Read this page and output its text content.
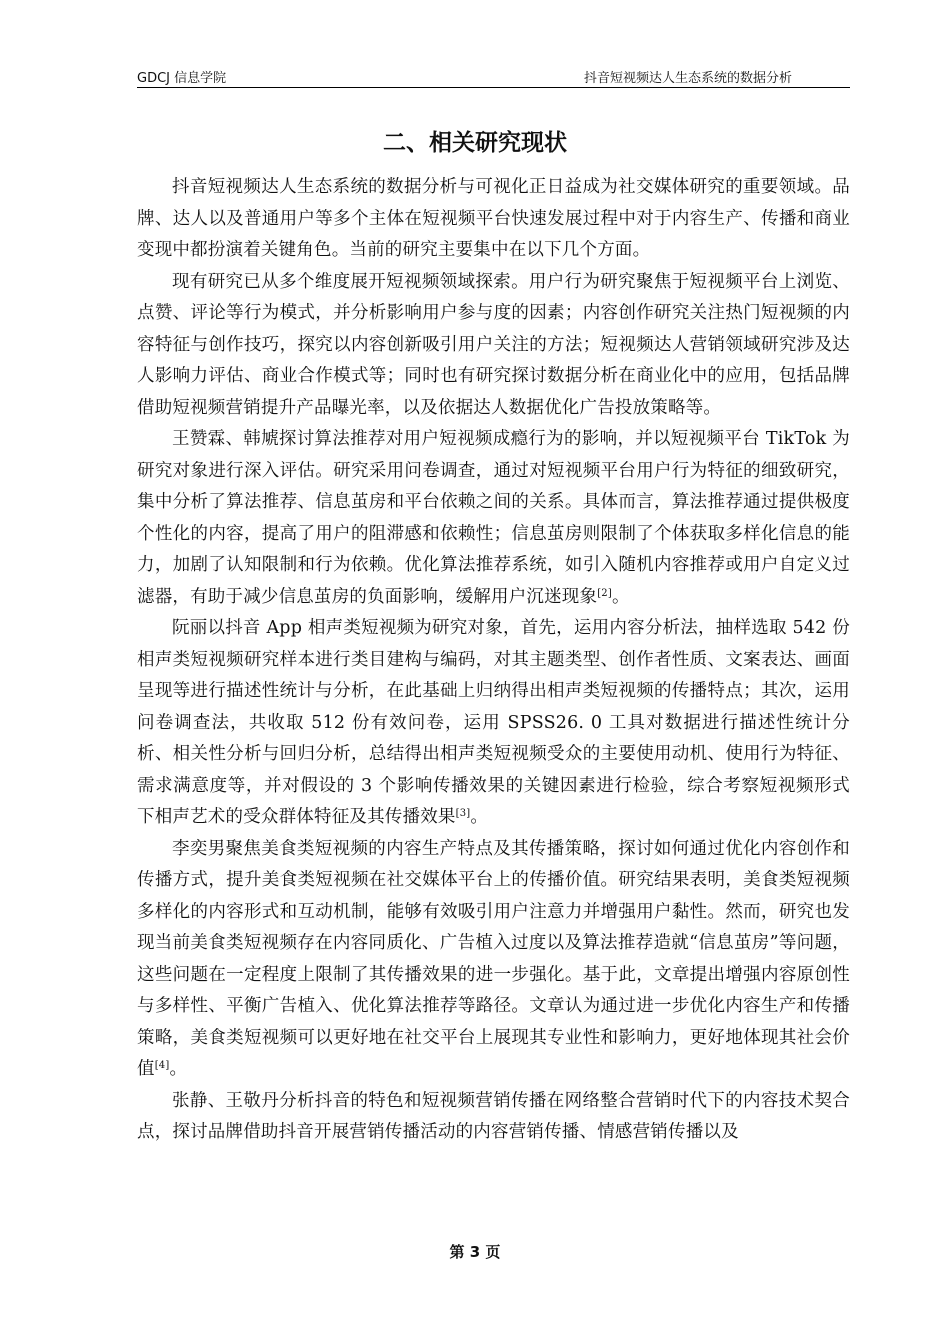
GDCJ 信息学院	抖音短视频达人生态系统的数据分析
二、相关研究现状

抖音短视频达人生态系统的数据分析与可视化正日益成为社交媒体研究的重要领域。品牌、达人以及普通用户等多个主体在短视频平台快速发展过程中对于内容生产、传播和商业变现中都扮演着关键角色。当前的研究主要集中在以下几个方面。

现有研究已从多个维度展开短视频领域探索。用户行为研究聚焦于短视频平台上浏览、点赞、评论等行为模式，并分析影响用户参与度的因素；内容创作研究关注热门短视频的内容特征与创作技巧，探究以内容创新吸引用户关注的方法；短视频达人营销领域研究涉及达人影响力评估、商业合作模式等；同时也有研究探讨数据分析在商业化中的应用，包括品牌借助短视频营销提升产品曝光率，以及依据达人数据优化广告投放策略等。

王赞霖、韩虓探讨算法推荐对用户短视频成瘾行为的影响，并以短视频平台 TikTok 为研究对象进行深入评估。研究采用问卷调查，通过对短视频平台用户行为特征的细致研究，集中分析了算法推荐、信息茧房和平台依赖之间的关系。具体而言，算法推荐通过提供极度个性化的内容，提高了用户的阻滞感和依赖性；信息茧房则限制了个体获取多样化信息的能力，加剧了认知限制和行为依赖。优化算法推荐系统，如引入随机内容推荐或用户自定义过滤器，有助于减少信息茧房的负面影响，缓解用户沉迷现象[2]。

阮丽以抖音 App 相声类短视频为研究对象，首先，运用内容分析法，抽样选取 542 份相声类短视频研究样本进行类目建构与编码，对其主题类型、创作者性质、文案表达、画面呈现等进行描述性统计与分析，在此基础上归纳得出相声类短视频的传播特点；其次，运用问卷调查法，共收取 512 份有效问卷，运用 SPSS26. 0 工具对数据进行描述性统计分析、相关性分析与回归分析，总结得出相声类短视频受众的主要使用动机、使用行为特征、需求满意度等，并对假设的 3 个影响传播效果的关键因素进行检验，综合考察短视频形式下相声艺术的受众群体特征及其传播效果[3]。

李奕男聚焦美食类短视频的内容生产特点及其传播策略，探讨如何通过优化内容创作和传播方式，提升美食类短视频在社交媒体平台上的传播价值。研究结果表明，美食类短视频多样化的内容形式和互动机制，能够有效吸引用户注意力并增强用户黏性。然而，研究也发现当前美食类短视频存在内容同质化、广告植入过度以及算法推荐造就“信息茧房”等问题，这些问题在一定程度上限制了其传播效果的进一步强化。基于此，文章提出增强内容原创性与多样性、平衡广告植入、优化算法推荐等路径。文章认为通过进一步优化内容生产和传播策略，美食类短视频可以更好地在社交平台上展现其专业性和影响力，更好地体现其社会价值[4]。

张静、王敬丹分析抖音的特色和短视频营销传播在网络整合营销时代下的内容技术契合点，探讨品牌借助抖音开展营销传播活动的内容营销传播、情感营销传播以及

第 3 页
